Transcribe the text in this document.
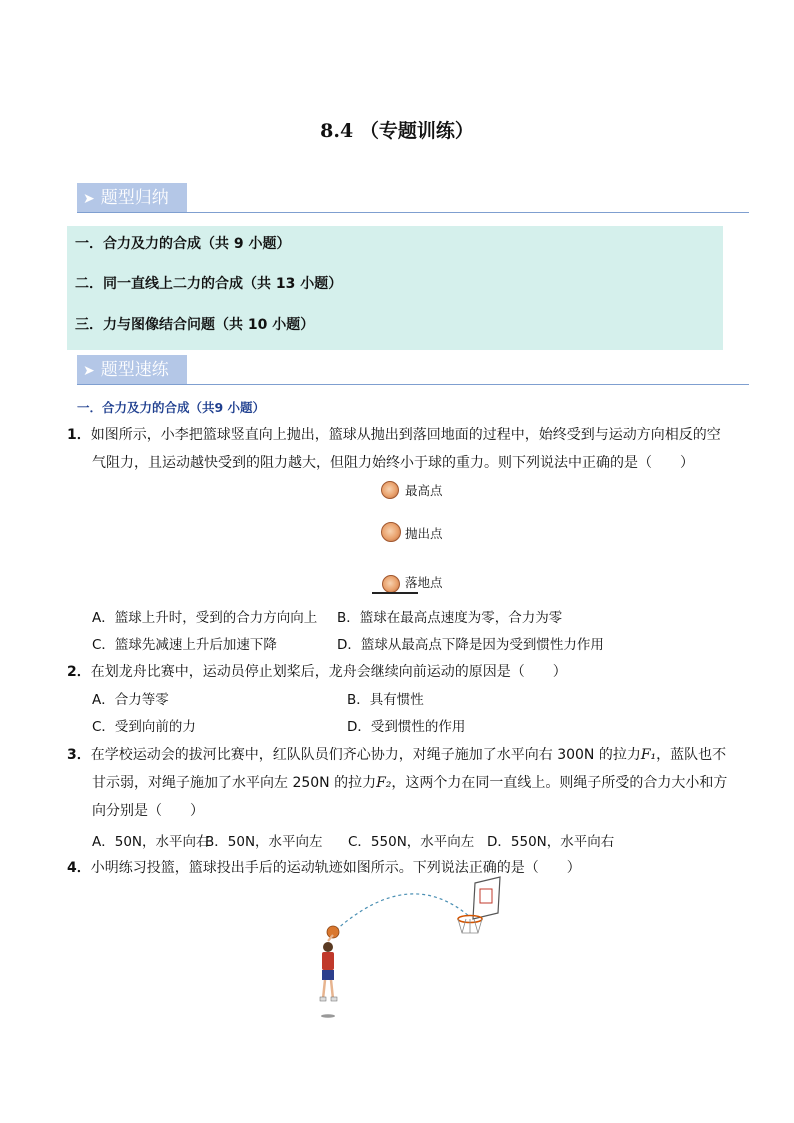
8.4 （专题训练）
➤ 题型归纳
一．合力及力的合成（共 9 小题）
二．同一直线上二力的合成（共 13 小题）
三．力与图像结合问题（共 10 小题）
➤ 题型速练
一．合力及力的合成（共9 小题）
1．如图所示，小李把篮球竖直向上抛出，篮球从抛出到落回地面的过程中，始终受到与运动方向相反的空
气阻力，且运动越快受到的阻力越大，但阻力始终小于球的重力。则下列说法中正确的是（　　）
最高点
抛出点
落地点
A．篮球上升时，受到的合力方向向上 B．篮球在最高点速度为零，合力为零
C．篮球先减速上升后加速下降	D．篮球从最高点下降是因为受到惯性力作用
2．在划龙舟比赛中，运动员停止划桨后，龙舟会继续向前运动的原因是（　　）
A．合力等零	B．具有惯性
C．受到向前的力	D．受到惯性的作用
3．在学校运动会的拔河比赛中，红队队员们齐心协力，对绳子施加了水平向右 300N 的拉力F₁，蓝队也不
甘示弱，对绳子施加了水平向左 250N 的拉力F₂，这两个力在同一直线上。则绳子所受的合力大小和方
向分别是（　　）
A．50N，水平向右
B．50N，水平向左 C．550N，水平向左 D．550N，水平向右
4．小明练习投篮，篮球投出手后的运动轨迹如图所示。下列说法正确的是（　　）
